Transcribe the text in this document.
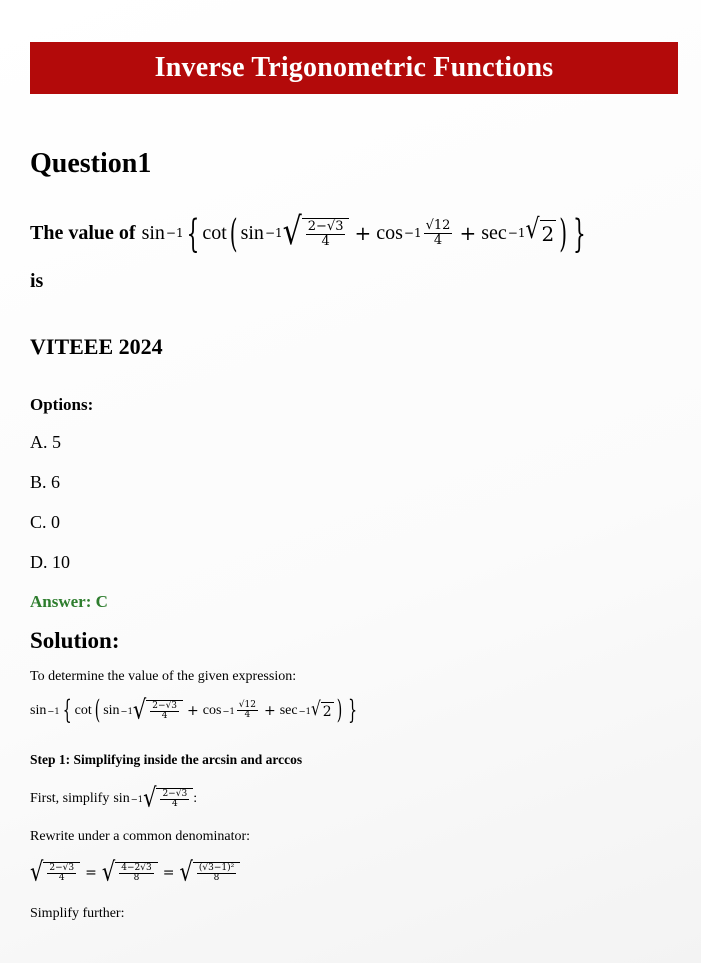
Inverse Trigonometric Functions
Question1
The value of sin −1 { cot ( sin −1 √ $\frac{2-√3}{4} + \cos -1 \frac{√12}{4} + \sec -1$ √ 2 ) }
is
VITEEE 2024
Options:
A. 5
B. 6
C. 0
D. 10
Answer: C
Solution:
To determine the value of the given expression:
sin −1 { cot ( sin −1 √ $\frac{2-√3}{4} + \cos -1 \frac{√12}{4} + \sec -1$ √ 2 ) }
Step 1: Simplifying inside the arcsin and arccos
First, simplify sin −1 √ $\frac{2-√3}{4}$ :
Rewrite under a common denominator:
√ $\frac{2-√3}{4}$ = √ $\frac{4-2√3}{8}$ = √ $\frac{\text{(√3−1)²}}{8}$
Simplify further:
